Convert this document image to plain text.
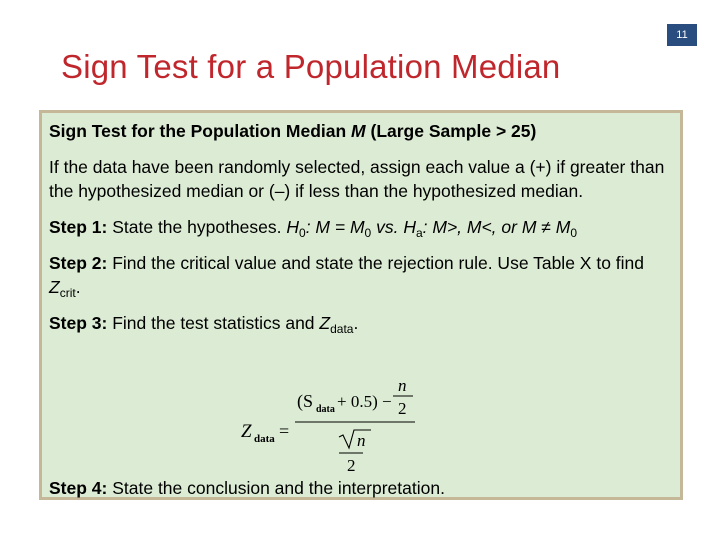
11
Sign Test for a Population Median

Sign Test for the Population Median M (Large Sample > 25)

If the data have been randomly selected, assign each value a (+) if greater than the hypothesized median or (–) if less than the hypothesized median.

Step 1: State the hypotheses. $H_0$: $M = M_0$ vs. $H_a$: M>, M<, or $M \ne M_0$

Step 2: Find the critical value and state the rejection rule. Use Table X to find $Z_{crit}$.

Step 3: Find the test statistics and $Z_{data}$.

Z data =
(S data + 0.5) −
n
2
n
2

Step 4: State the conclusion and the interpretation.
